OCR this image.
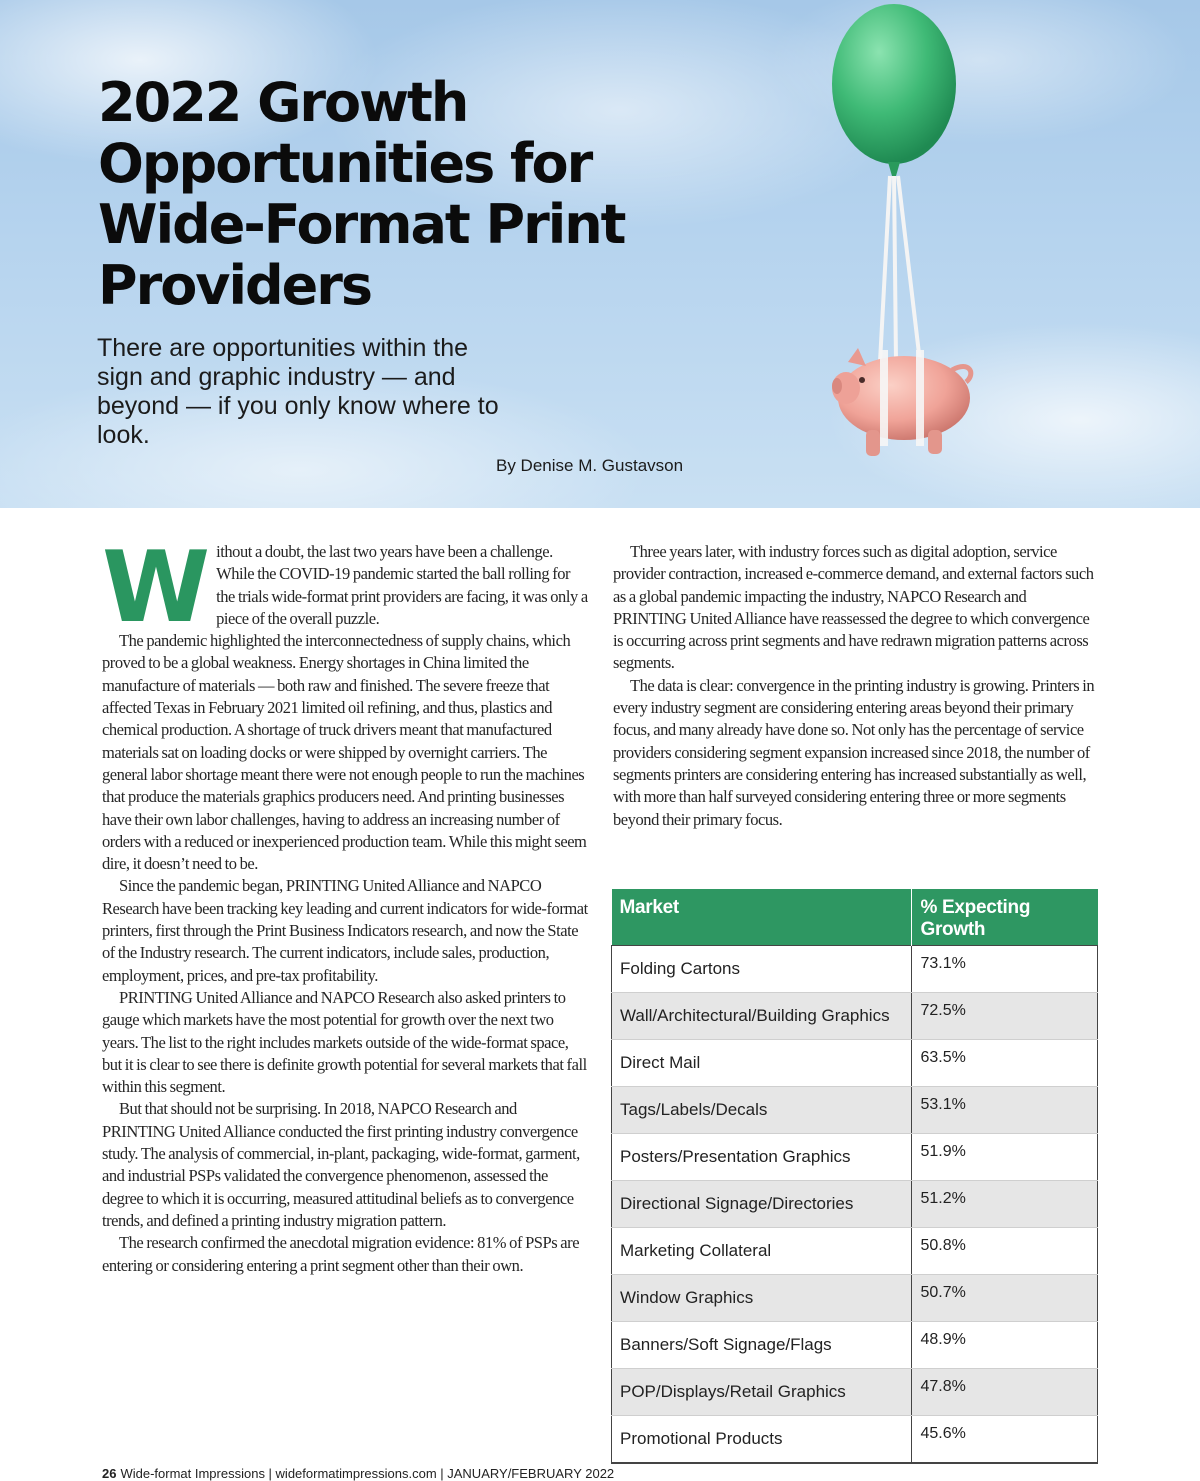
2022 Growth Opportunities for Wide-Format Print Providers

There are opportunities within the sign and graphic industry — and beyond — if you only know where to look.

By Denise M. Gustavson

Without a doubt, the last two years have been a challenge. While the COVID-19 pandemic started the ball rolling for the trials wide-format print providers are facing, it was only a piece of the overall puzzle.

The pandemic highlighted the interconnectedness of supply chains, which proved to be a global weakness. Energy shortages in China limited the manufacture of materials — both raw and finished. The severe freeze that affected Texas in February 2021 limited oil refining, and thus, plastics and chemical production. A shortage of truck drivers meant that manufactured materials sat on loading docks or were shipped by overnight carriers. The general labor shortage meant there were not enough people to run the machines that produce the materials graphics producers need. And printing businesses have their own labor challenges, having to address an increasing number of orders with a reduced or inexperienced production team. While this might seem dire, it doesn’t need to be.

Since the pandemic began, PRINTING United Alliance and NAPCO Research have been tracking key leading and current indicators for wide-format printers, first through the Print Business Indicators research, and now the State of the Industry research. The current indicators, include sales, production, employment, prices, and pre-tax profitability.

PRINTING United Alliance and NAPCO Research also asked printers to gauge which markets have the most potential for growth over the next two years. The list to the right includes markets outside of the wide-format space, but it is clear to see there is definite growth potential for several markets that fall within this segment.

But that should not be surprising. In 2018, NAPCO Research and PRINTING United Alliance conducted the first printing industry convergence study. The analysis of commercial, in-plant, packaging, wide-format, garment, and industrial PSPs validated the convergence phenomenon, assessed the degree to which it is occurring, measured attitudinal beliefs as to convergence trends, and defined a printing industry migration pattern.

The research confirmed the anecdotal migration evidence: 81% of PSPs are entering or considering entering a print segment other than their own.

Three years later, with industry forces such as digital adoption, service provider contraction, increased e-commerce demand, and external factors such as a global pandemic impacting the industry, NAPCO Research and PRINTING United Alliance have reassessed the degree to which convergence is occurring across print segments and have redrawn migration patterns across segments.

The data is clear: convergence in the printing industry is growing. Printers in every industry segment are considering entering areas beyond their primary focus, and many already have done so. Not only has the percentage of service providers considering segment expansion increased since 2018, the number of segments printers are considering entering has increased substantially as well, with more than half surveyed considering entering three or more segments beyond their primary focus.

Market	% Expecting Growth
Folding Cartons	73.1%
Wall/Architectural/Building Graphics	72.5%
Direct Mail	63.5%
Tags/Labels/Decals	53.1%
Posters/Presentation Graphics	51.9%
Directional Signage/Directories	51.2%
Marketing Collateral	50.8%
Window Graphics	50.7%
Banners/Soft Signage/Flags	48.9%
POP/Displays/Retail Graphics	47.8%
Promotional Products	45.6%

26 Wide-format Impressions | wideformatimpressions.com | JANUARY/FEBRUARY 2022
